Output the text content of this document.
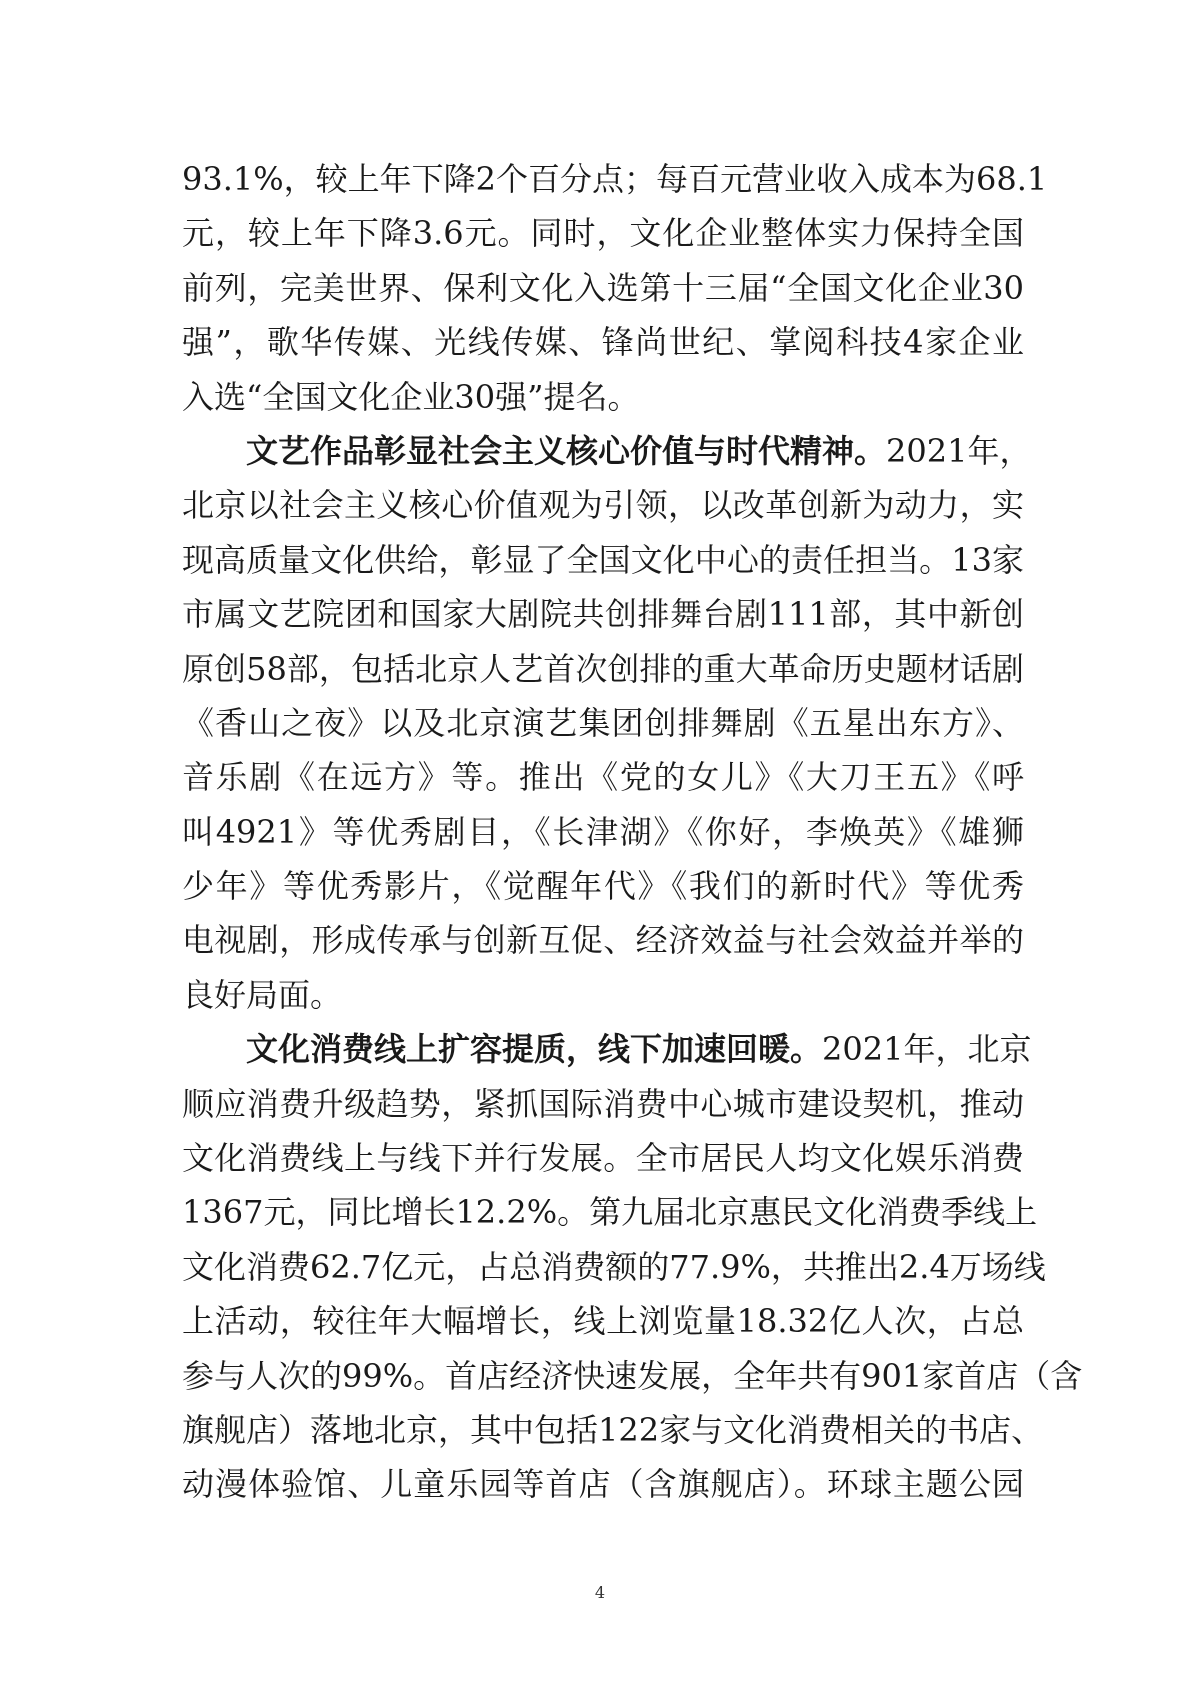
93.1%，较上年下降2个百分点；每百元营业收入成本为68.1
元，较上年下降3.6元。同时，文化企业整体实力保持全国
前列，完美世界、保利文化入选第十三届“全国文化企业30
强”，歌华传媒、光线传媒、锋尚世纪、掌阅科技4家企业
入选“全国文化企业30强”提名。
文艺作品彰显社会主义核心价值与时代精神。2021年，
北京以社会主义核心价值观为引领，以改革创新为动力，实
现高质量文化供给，彰显了全国文化中心的责任担当。13家
市属文艺院团和国家大剧院共创排舞台剧111部，其中新创
原创58部，包括北京人艺首次创排的重大革命历史题材话剧
《香山之夜》以及北京演艺集团创排舞剧《五星出东方》、
音乐剧《在远方》等。推出《党的女儿》《大刀王五》《呼
叫4921》等优秀剧目，《长津湖》《你好，李焕英》《雄狮
少年》等优秀影片，《觉醒年代》《我们的新时代》等优秀
电视剧，形成传承与创新互促、经济效益与社会效益并举的
良好局面。
文化消费线上扩容提质，线下加速回暖。2021年，北京
顺应消费升级趋势，紧抓国际消费中心城市建设契机，推动
文化消费线上与线下并行发展。全市居民人均文化娱乐消费
1367元，同比增长12.2%。第九届北京惠民文化消费季线上
文化消费62.7亿元，占总消费额的77.9%，共推出2.4万场线
上活动，较往年大幅增长，线上浏览量18.32亿人次，占总
参与人次的99%。首店经济快速发展，全年共有901家首店（含
旗舰店）落地北京，其中包括122家与文化消费相关的书店、
动漫体验馆、儿童乐园等首店（含旗舰店）。环球主题公园
4
